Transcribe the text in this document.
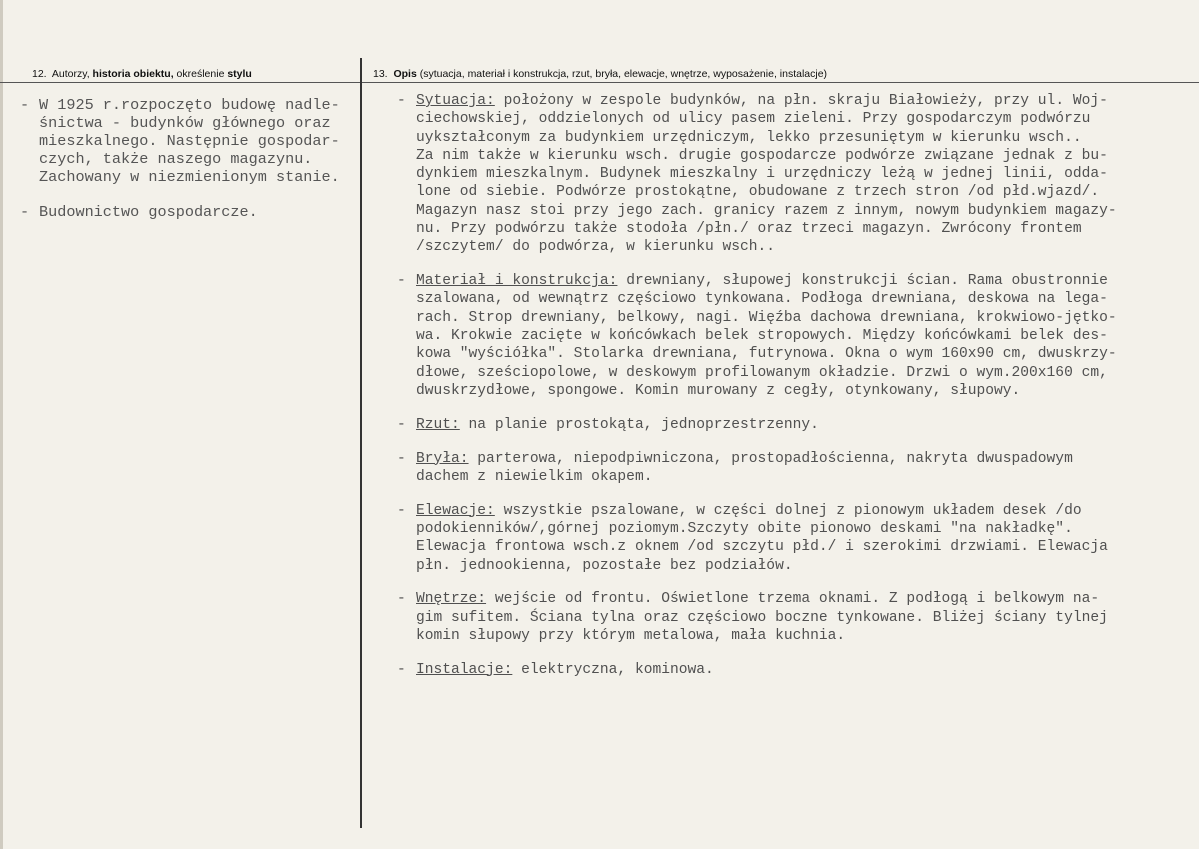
12. Autorzy, historia obiektu, określenie stylu	13. Opis (sytuacja, materiał i konstrukcja, rzut, bryła, elewacje, wnętrze, wyposażenie, instalacje)
- W 1925 r.rozpoczęto budowę nadle-
śnictwa - budynków głównego oraz
mieszkalnego. Następnie gospodar-
czych, także naszego magazynu.
Zachowany w niezmienionym stanie.
- Budownictwo gospodarcze.
- Sytuacja: położony w zespole budynków, na płn. skraju Białowieży, przy ul. Woj-
ciechowskiej, oddzielonych od ulicy pasem zieleni. Przy gospodarczym podwórzu
uykształconym za budynkiem urzędniczym, lekko przesuniętym w kierunku wsch..
Za nim także w kierunku wsch. drugie gospodarcze podwórze związane jednak z bu-
dynkiem mieszkalnym. Budynek mieszkalny i urzędniczy leżą w jednej linii, odda-
lone od siebie. Podwórze prostokątne, obudowane z trzech stron /od płd.wjazd/.
Magazyn nasz stoi przy jego zach. granicy razem z innym, nowym budynkiem magazy-
nu. Przy podwórzu także stodoła /płn./ oraz trzeci magazyn. Zwrócony frontem
/szczytem/ do podwórza, w kierunku wsch..
- Materiał i konstrukcja: drewniany, słupowej konstrukcji ścian. Rama obustronnie
szalowana, od wewnątrz częściowo tynkowana. Podłoga drewniana, deskowa na lega-
rach. Strop drewniany, belkowy, nagi. Więźba dachowa drewniana, krokwiowo-jętko-
wa. Krokwie zacięte w końcówkach belek stropowych. Między końcówkami belek des-
kowa "wyściółka". Stolarka drewniana, futrynowa. Okna o wym 160x90 cm, dwuskrzy-
dłowe, sześciopolowe, w deskowym profilowanym okładzie. Drzwi o wym.200x160 cm,
dwuskrzydłowe, spongowe. Komin murowany z cegły, otynkowany, słupowy.
- Rzut: na planie prostokąta, jednoprzestrzenny.
- Bryła: parterowa, niepodpiwniczona, prostopadłościenna, nakryta dwuspadowym
dachem z niewielkim okapem.
- Elewacje: wszystkie pszalowane, w części dolnej z pionowym układem desek /do
podokienników/,górnej poziomym.Szczyty obite pionowo deskami "na nakładkę".
Elewacja frontowa wsch.z oknem /od szczytu płd./ i szerokimi drzwiami. Elewacja
płn. jednookienna, pozostałe bez podziałów.
- Wnętrze: wejście od frontu. Oświetlone trzema oknami. Z podłogą i belkowym na-
gim sufitem. Ściana tylna oraz częściowo boczne tynkowane. Bliżej ściany tylnej
komin słupowy przy którym metalowa, mała kuchnia.
- Instalacje: elektryczna, kominowa.
